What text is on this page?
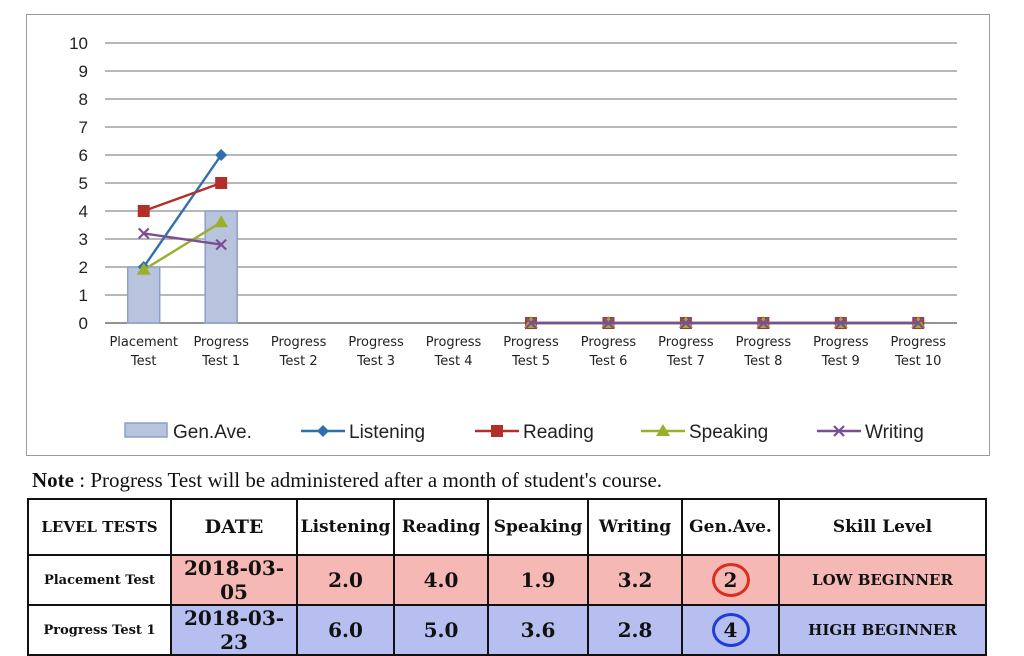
0
1
2
3
4
5
6
7
8
9
10
Placement
Test
Progress
Test 1
Progress
Test 2
Progress
Test 3
Progress
Test 4
Progress
Test 5
Progress
Test 6
Progress
Test 7
Progress
Test 8
Progress
Test 9
Progress
Test 10
Gen.Ave.	Listening	Reading	Speaking	Writing
Note : Progress Test will be administered after a month of student's course.
LEVEL TESTS	DATE	Listening	Reading	Speaking	Writing	Gen.Ave.	Skill Level
Placement Test	2018-03-05	2.0	4.0	1.9	3.2	2	LOW BEGINNER
Progress Test 1	2018-03-23	6.0	5.0	3.6	2.8	4	HIGH BEGINNER
